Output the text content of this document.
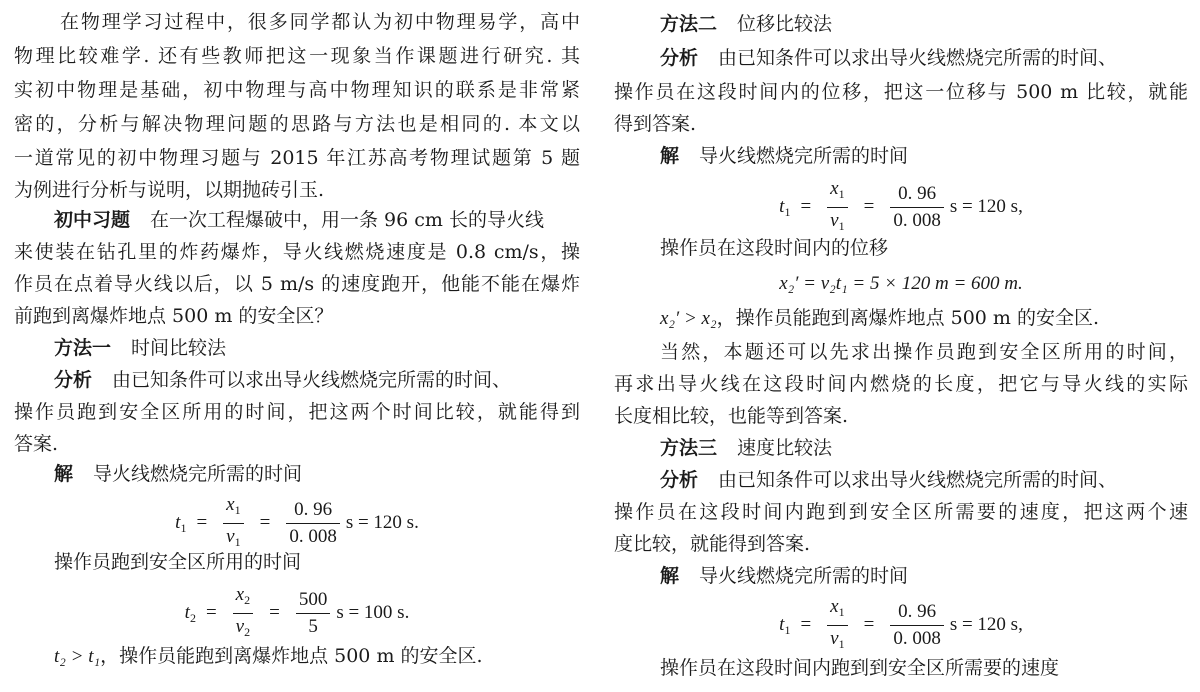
在物理学习过程中，很多同学都认为初中物理易学，高中
物理比较难学. 还有些教师把这一现象当作课题进行研究. 其
实初中物理是基础，初中物理与高中物理知识的联系是非常紧
密的，分析与解决物理问题的思路与方法也是相同的. 本文以
一道常见的初中物理习题与 2015 年江苏高考物理试题第 5 题
为例进行分析与说明，以期抛砖引玉.
初中习题 在一次工程爆破中，用一条 96 cm 长的导火线
来使装在钻孔里的炸药爆炸，导火线燃烧速度是 0.8 cm/s，操
作员在点着导火线以后，以 5 m/s 的速度跑开，他能不能在爆炸
前跑到离爆炸地点 500 m 的安全区？
方法一 时间比较法
分析 由已知条件可以求出导火线燃烧完所需的时间、
操作员跑到安全区所用的时间，把这两个时间比较，就能得到
答案.
解 导火线燃烧完所需的时间
$t_1 = \frac{x_1}{v_1} = \frac{0. 96}{0. 008}$ s = 120 s.
操作员跑到安全区所用的时间
$t_2 = \frac{x_2}{v_2} = \frac{500}{5}$ s = 100 s.
t₂ > t₁，操作员能跑到离爆炸地点 500 m 的安全区.
方法二 位移比较法
分析 由已知条件可以求出导火线燃烧完所需的时间、
操作员在这段时间内的位移，把这一位移与 500 m 比较，就能
得到答案.
解 导火线燃烧完所需的时间
$t_1 = \frac{x_1}{v_1} = \frac{0. 96}{0. 008}$ s = 120 s,
操作员在这段时间内的位移
x₂′ = v₂t₁ = 5 × 120 m = 600 m.
x₂′ > x₂，操作员能跑到离爆炸地点 500 m 的安全区.
当然，本题还可以先求出操作员跑到安全区所用的时间，
再求出导火线在这段时间内燃烧的长度，把它与导火线的实际
长度相比较，也能等到答案.
方法三 速度比较法
分析 由已知条件可以求出导火线燃烧完所需的时间、
操作员在这段时间内跑到到安全区所需要的速度，把这两个速
度比较，就能得到答案.
解 导火线燃烧完所需的时间
$t_1 = \frac{x_1}{v_1} = \frac{0. 96}{0. 008}$ s = 120 s,
操作员在这段时间内跑到到安全区所需要的速度
